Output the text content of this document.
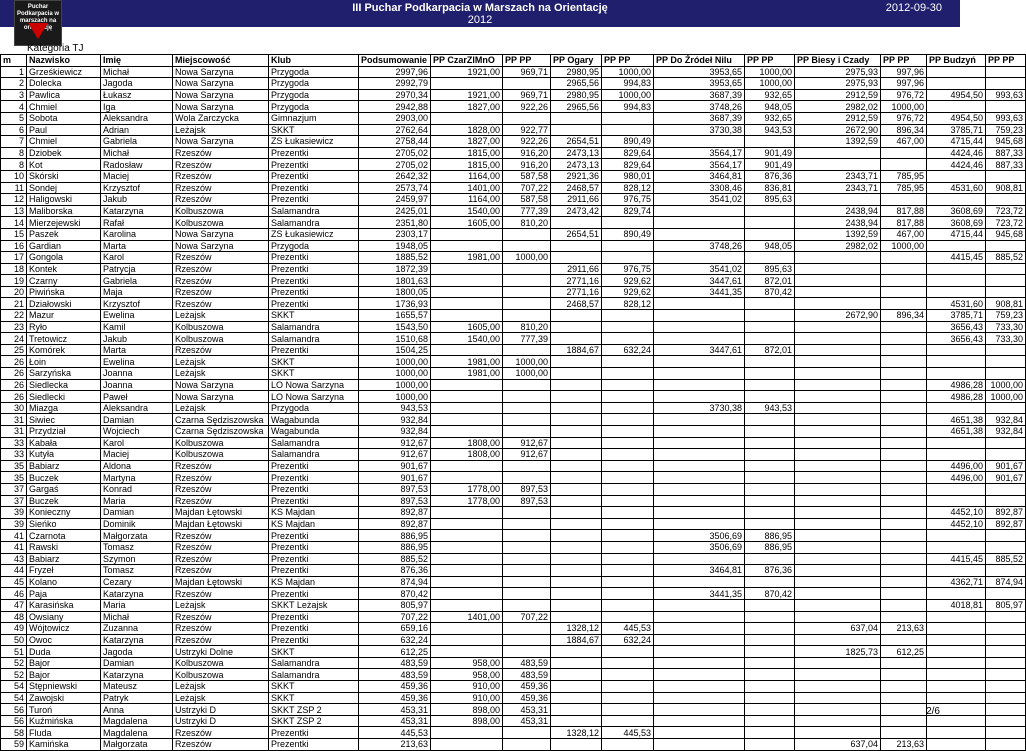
III Puchar Podkarpacia w Marszach na Orientację	2012-09-30
2012
Puchar Podkarpacia w marszach na orientację
Kategoria TJ
m	Nazwisko	Imię	Miejscowość	Klub	Podsumowanie	PP CzarZlMnO	PP PP	PP Ogary	PP PP	PP Do Źródeł Nilu	PP PP	PP Biesy i Czady	PP PP	PP Budzyń	PP PP
1	Grześkiewicz	Michał	Nowa Sarzyna	Przygoda	2997,96	1921,00	969,71	2980,95	1000,00	3953,65	1000,00	2975,93	997,96		
2	Dolecka	Jagoda	Nowa Sarzyna	Przygoda	2992,79			2965,56	994,83	3953,65	1000,00	2975,93	997,96		
3	Pawlica	Łukasz	Nowa Sarzyna	Przygoda	2970,34	1921,00	969,71	2980,95	1000,00	3687,39	932,65	2912,59	976,72	4954,50	993,63
4	Chmiel	Iga	Nowa Sarzyna	Przygoda	2942,88	1827,00	922,26	2965,56	994,83	3748,26	948,05	2982,02	1000,00		
5	Sobota	Aleksandra	Wola Zarczycka	Gimnazjum	2903,00					3687,39	932,65	2912,59	976,72	4954,50	993,63
6	Paul	Adrian	Leżajsk	SKKT	2762,64	1828,00	922,77			3730,38	943,53	2672,90	896,34	3785,71	759,23
7	Chmiel	Gabriela	Nowa Sarzyna	ZS Łukasiewicz	2758,44	1827,00	922,26	2654,51	890,49			1392,59	467,00	4715,44	945,68
8	Dziobek	Michał	Rzeszów	Prezentki	2705,02	1815,00	916,20	2473,13	829,64	3564,17	901,49			4424,46	887,33
8	Kot	Radosław	Rzeszów	Prezentki	2705,02	1815,00	916,20	2473,13	829,64	3564,17	901,49			4424,46	887,33
10	Skórski	Maciej	Rzeszów	Prezentki	2642,32	1164,00	587,58	2921,36	980,01	3464,81	876,36	2343,71	785,95		
11	Sondej	Krzysztof	Rzeszów	Prezentki	2573,74	1401,00	707,22	2468,57	828,12	3308,46	836,81	2343,71	785,95	4531,60	908,81
12	Haligowski	Jakub	Rzeszów	Prezentki	2459,97	1164,00	587,58	2911,66	976,75	3541,02	895,63				
13	Maliborska	Katarzyna	Kolbuszowa	Salamandra	2425,01	1540,00	777,39	2473,42	829,74			2438,94	817,88	3608,69	723,72
14	Mierzejewski	Rafał	Kolbuszowa	Salamandra	2351,80	1605,00	810,20					2438,94	817,88	3608,69	723,72
15	Paszek	Karolina	Nowa Sarzyna	ZS Łukasiewicz	2303,17			2654,51	890,49			1392,59	467,00	4715,44	945,68
16	Gardian	Marta	Nowa Sarzyna	Przygoda	1948,05					3748,26	948,05	2982,02	1000,00		
17	Gongola	Karol	Rzeszów	Prezentki	1885,52	1981,00	1000,00							4415,45	885,52
18	Kontek	Patrycja	Rzeszów	Prezentki	1872,39			2911,66	976,75	3541,02	895,63				
19	Czarny	Gabriela	Rzeszów	Prezentki	1801,63			2771,16	929,62	3447,61	872,01				
20	Piwińska	Maja	Rzeszów	Prezentki	1800,05			2771,16	929,62	3441,35	870,42				
21	Działowski	Krzysztof	Rzeszów	Prezentki	1736,93			2468,57	828,12					4531,60	908,81
22	Mazur	Ewelina	Leżajsk	SKKT	1655,57							2672,90	896,34	3785,71	759,23
23	Ryło	Kamil	Kolbuszowa	Salamandra	1543,50	1605,00	810,20							3656,43	733,30
24	Tretowicz	Jakub	Kolbuszowa	Salamandra	1510,68	1540,00	777,39							3656,43	733,30
25	Komórek	Marta	Rzeszów	Prezentki	1504,25			1884,67	632,24	3447,61	872,01				
26	Łoin	Ewelina	Leżajsk	SKKT	1000,00	1981,00	1000,00								
26	Sarzyńska	Joanna	Leżajsk	SKKT	1000,00	1981,00	1000,00								
26	Siedlecka	Joanna	Nowa Sarzyna	LO Nowa Sarzyna	1000,00									4986,28	1000,00
26	Siedlecki	Paweł	Nowa Sarzyna	LO Nowa Sarzyna	1000,00									4986,28	1000,00
30	Miazga	Aleksandra	Leżajsk	Przygoda	943,53					3730,38	943,53				
31	Siwiec	Damian	Czarna Sędziszowska	Wagabunda	932,84									4651,38	932,84
31	Przydział	Wojciech	Czarna Sędziszowska	Wagabunda	932,84									4651,38	932,84
33	Kabała	Karol	Kolbuszowa	Salamandra	912,67	1808,00	912,67								
33	Kutyła	Maciej	Kolbuszowa	Salamandra	912,67	1808,00	912,67								
35	Babiarz	Aldona	Rzeszów	Prezentki	901,67									4496,00	901,67
35	Buczek	Martyna	Rzeszów	Prezentki	901,67									4496,00	901,67
37	Gargaś	Konrad	Rzeszów	Prezentki	897,53	1778,00	897,53								
37	Buczek	Maria	Rzeszów	Prezentki	897,53	1778,00	897,53								
39	Konieczny	Damian	Majdan Łętowski	KS Majdan	892,87									4452,10	892,87
39	Sieńko	Dominik	Majdan Łętowski	KS Majdan	892,87									4452,10	892,87
41	Czarnota	Małgorzata	Rzeszów	Prezentki	886,95					3506,69	886,95				
41	Rawski	Tomasz	Rzeszów	Prezentki	886,95					3506,69	886,95				
43	Babiarz	Szymon	Rzeszów	Prezentki	885,52									4415,45	885,52
44	Fryzeł	Tomasz	Rzeszów	Prezentki	876,36					3464,81	876,36				
45	Kolano	Cezary	Majdan Łętowski	KS Majdan	874,94									4362,71	874,94
46	Paja	Katarzyna	Rzeszów	Prezentki	870,42					3441,35	870,42				
47	Karasińska	Maria	Leżajsk	SKKT Leżajsk	805,97									4018,81	805,97
48	Owsiany	Michał	Rzeszów	Prezentki	707,22	1401,00	707,22								
49	Wójtowicz	Zuzanna	Rzeszów	Prezentki	659,16			1328,12	445,53			637,04	213,63		
50	Owoc	Katarzyna	Rzeszów	Prezentki	632,24			1884,67	632,24						
51	Duda	Jagoda	Ustrzyki Dolne	SKKT	612,25							1825,73	612,25		
52	Bajor	Damian	Kolbuszowa	Salamandra	483,59	958,00	483,59								
52	Bajor	Katarzyna	Kolbuszowa	Salamandra	483,59	958,00	483,59								
54	Stępniewski	Mateusz	Leżajsk	SKKT	459,36	910,00	459,36								
54	Zawojski	Patryk	Leżajsk	SKKT	459,36	910,00	459,36								
56	Turoń	Anna	Ustrzyki D	SKKT ZSP 2	453,31	898,00	453,31								
56	Kuźmińska	Magdalena	Ustrzyki D	SKKT ZSP 2	453,31	898,00	453,31								
58	Fluda	Magdalena	Rzeszów	Prezentki	445,53			1328,12	445,53						
59	Kamińska	Małgorzata	Rzeszów	Prezentki	213,63							637,04	213,63		
2/6
